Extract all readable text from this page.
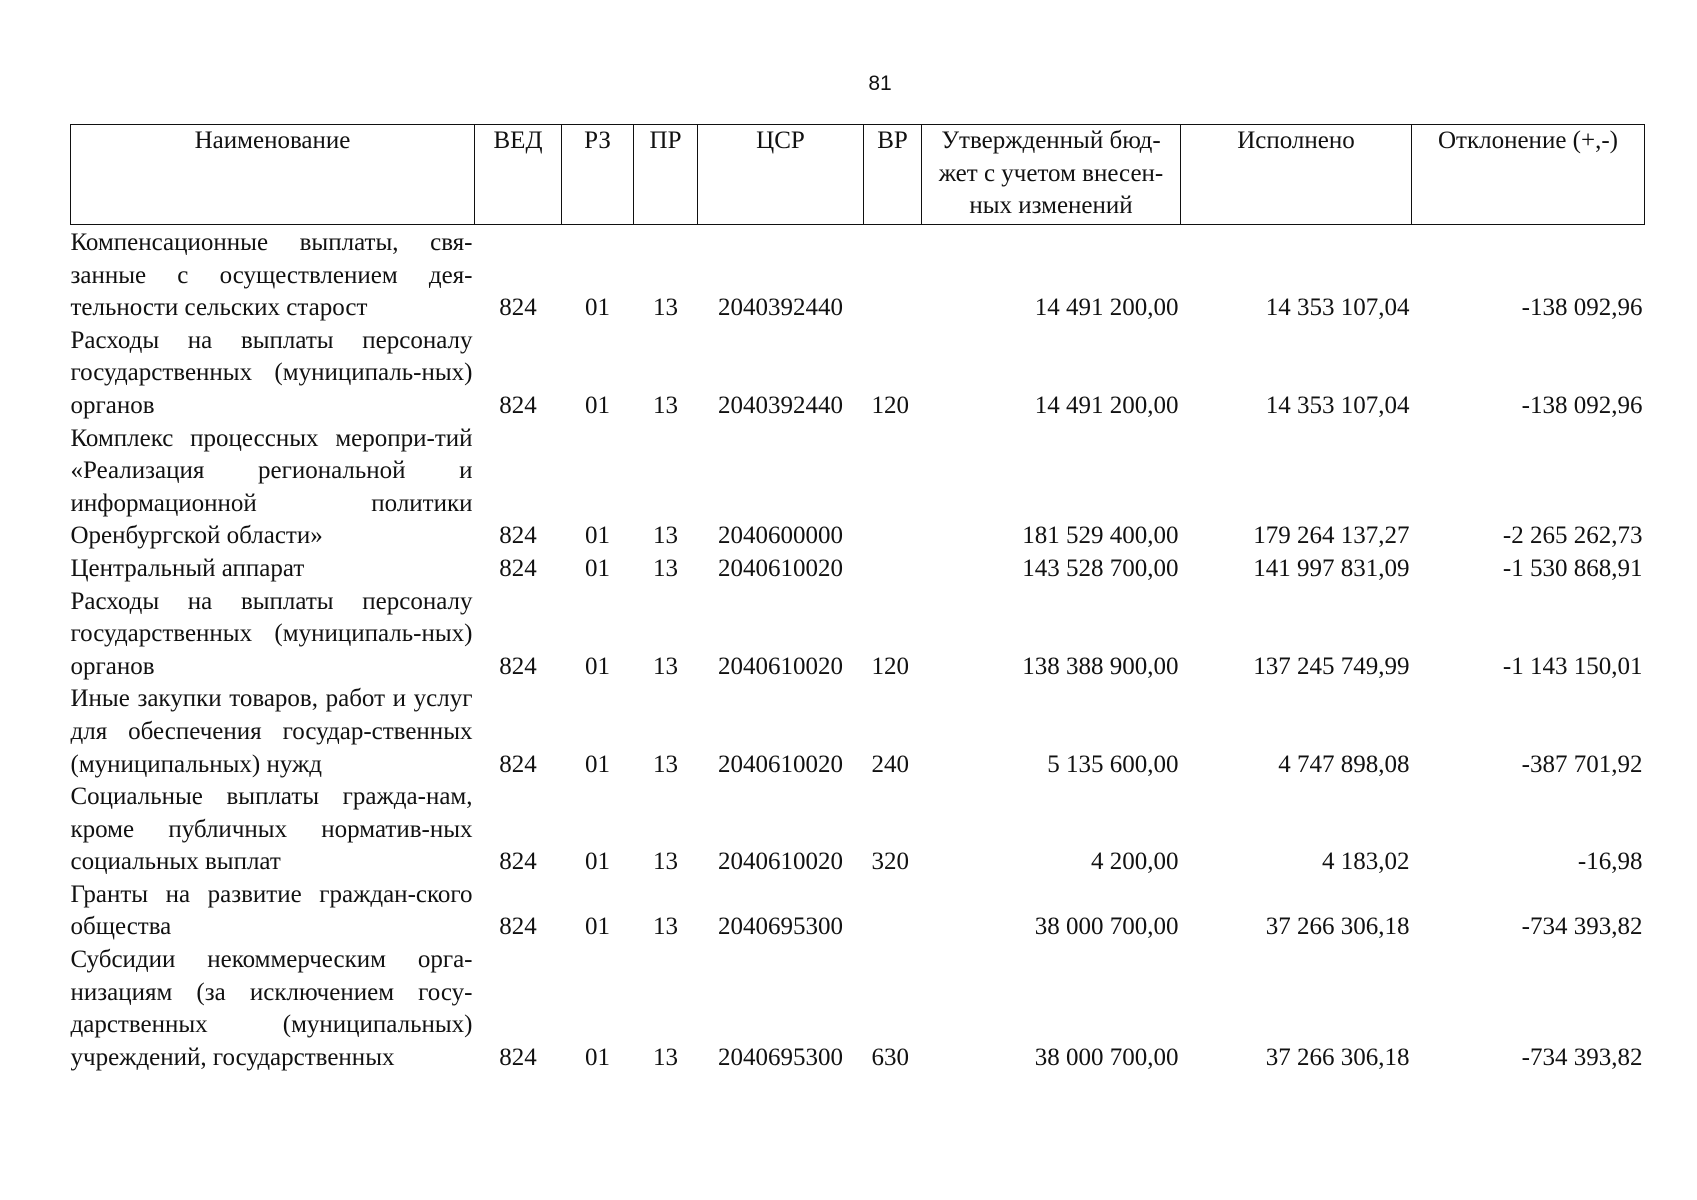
81
Наименование	ВЕД	РЗ	ПР	ЦСР	ВР	Утвержденный бюд-жет с учетом внесен-ных изменений	Исполнено	Отклонение (+,-)
Компенсационные выплаты, свя-занные с осуществлением дея-тельности сельских старост	824	01	13	2040392440		14 491 200,00	14 353 107,04	-138 092,96
Расходы на выплаты персоналу государственных (муниципаль-ных) органов	824	01	13	2040392440	120	14 491 200,00	14 353 107,04	-138 092,96
Комплекс процессных меропри-тий «Реализация региональной и информационной политики Оренбургской области»	824	01	13	2040600000		181 529 400,00	179 264 137,27	-2 265 262,73
Центральный аппарат	824	01	13	2040610020		143 528 700,00	141 997 831,09	-1 530 868,91
Расходы на выплаты персоналу государственных (муниципаль-ных) органов	824	01	13	2040610020	120	138 388 900,00	137 245 749,99	-1 143 150,01
Иные закупки товаров, работ и услуг для обеспечения государ-ственных (муниципальных) нужд	824	01	13	2040610020	240	5 135 600,00	4 747 898,08	-387 701,92
Социальные выплаты гражда-нам, кроме публичных норматив-ных социальных выплат	824	01	13	2040610020	320	4 200,00	4 183,02	-16,98
Гранты на развитие граждан-ского общества	824	01	13	2040695300		38 000 700,00	37 266 306,18	-734 393,82
Субсидии некоммерческим орга-низациям (за исключением госу-дарственных (муниципальных) учреждений, государственных	824	01	13	2040695300	630	38 000 700,00	37 266 306,18	-734 393,82
